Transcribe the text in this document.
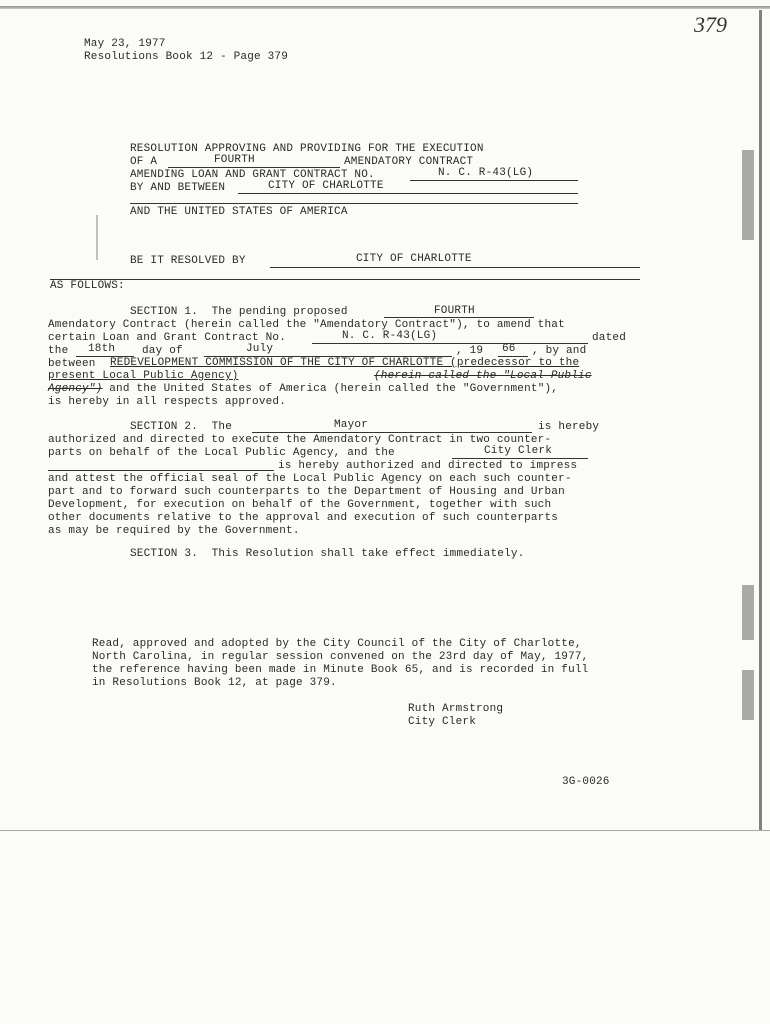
379
May 23, 1977
Resolutions Book 12 - Page 379
RESOLUTION APPROVING AND PROVIDING FOR THE EXECUTION
OF A	FOURTH	AMENDATORY CONTRACT
AMENDING LOAN AND GRANT CONTRACT NO.	N. C. R-43(LG)
BY AND BETWEEN	CITY OF CHARLOTTE
AND THE UNITED STATES OF AMERICA
BE IT RESOLVED BY	CITY OF CHARLOTTE
AS FOLLOWS:
SECTION 1.  The pending proposed	FOURTH
Amendatory Contract (herein called the "Amendatory Contract"), to amend that
certain Loan and Grant Contract No.	N. C. R-43(LG)	dated
the 18th day of	July	, 19 66 , by and
between REDEVELOPMENT COMMISSION OF THE CITY OF CHARLOTTE (predecessor to the
present Local Public Agency)	(herein called the "Local Public
Agency") and the United States of America (herein called the "Government"),
is hereby in all respects approved.
SECTION 2.  The	Mayor	is hereby
authorized and directed to execute the Amendatory Contract in two counter-
parts on behalf of the Local Public Agency, and the	City Clerk
is hereby authorized and directed to impress
and attest the official seal of the Local Public Agency on each such counter-
part and to forward such counterparts to the Department of Housing and Urban
Development, for execution on behalf of the Government, together with such
other documents relative to the approval and execution of such counterparts
as may be required by the Government.
SECTION 3.  This Resolution shall take effect immediately.
Read, approved and adopted by the City Council of the City of Charlotte,
North Carolina, in regular session convened on the 23rd day of May, 1977,
the reference having been made in Minute Book 65, and is recorded in full
in Resolutions Book 12, at page 379.
Ruth Armstrong
City Clerk
3G-0026
